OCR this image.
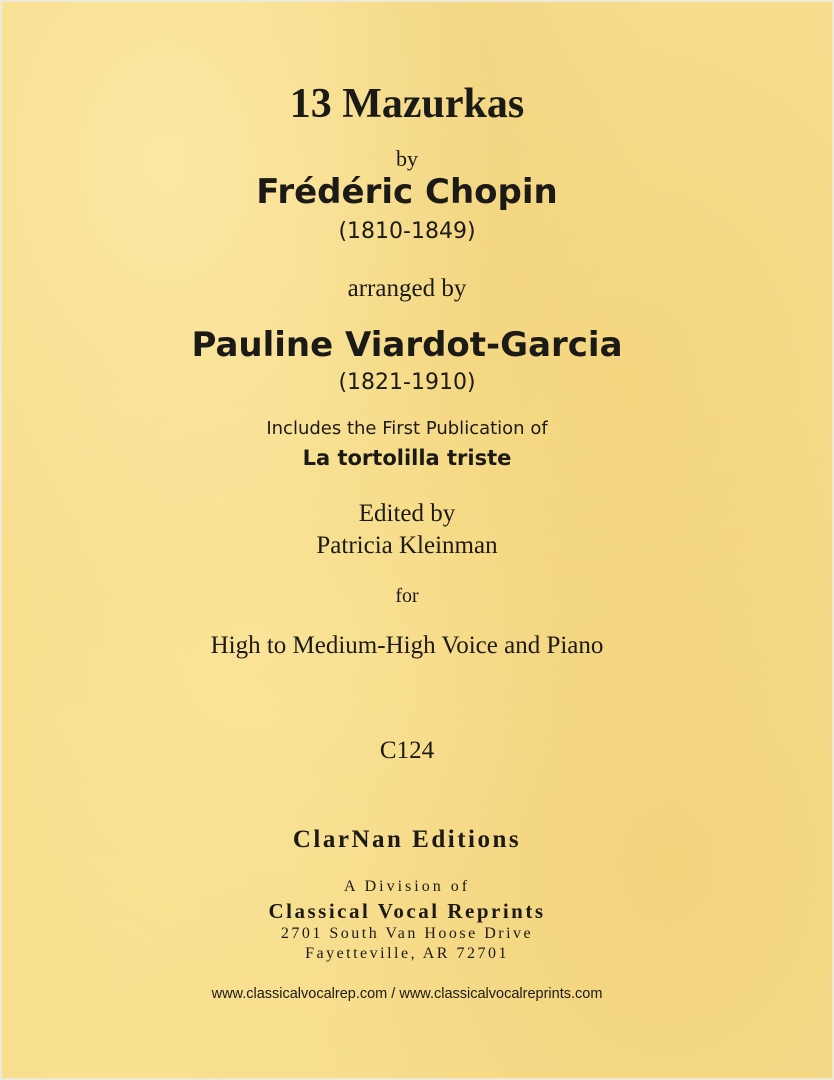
13 Mazurkas
by
Frédéric Chopin
(1810-1849)
arranged by
Pauline Viardot-Garcia
(1821-1910)
Includes the First Publication of
La tortolilla triste
Edited by
Patricia Kleinman
for
High to Medium-High Voice and Piano
C124
ClarNan Editions
A Division of
Classical Vocal Reprints
2701 South Van Hoose Drive
Fayetteville, AR 72701
www.classicalvocalrep.com / www.classicalvocalreprints.com
